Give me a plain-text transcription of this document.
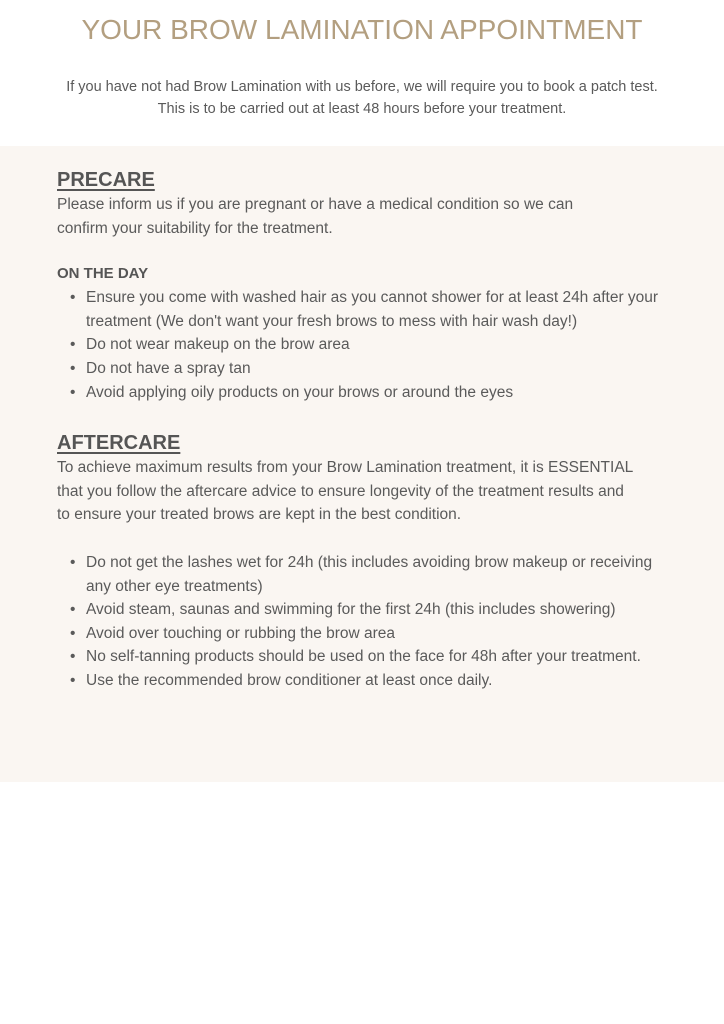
YOUR BROW LAMINATION APPOINTMENT

If you have not had Brow Lamination with us before, we will require you to book a patch test. This is to be carried out at least 48 hours before your treatment.

PRECARE

Please inform us if you are pregnant or have a medical condition so we can confirm your suitability for the treatment.

ON THE DAY
• Ensure you come with washed hair as you cannot shower for at least 24h after your treatment (We don't want your fresh brows to mess with hair wash day!)
• Do not wear makeup on the brow area
• Do not have a spray tan
• Avoid applying oily products on your brows or around the eyes
AFTERCARE

To achieve maximum results from your Brow Lamination treatment, it is ESSENTIAL that you follow the aftercare advice to ensure longevity of the treatment results and to ensure your treated brows are kept in the best condition.

• Do not get the lashes wet for 24h (this includes avoiding brow makeup or receiving any other eye treatments)
• Avoid steam, saunas and swimming for the first 24h (this includes showering)
• Avoid over touching or rubbing the brow area
• No self-tanning products should be used on the face for 48h after your treatment.
• Use the recommended brow conditioner at least once daily.
